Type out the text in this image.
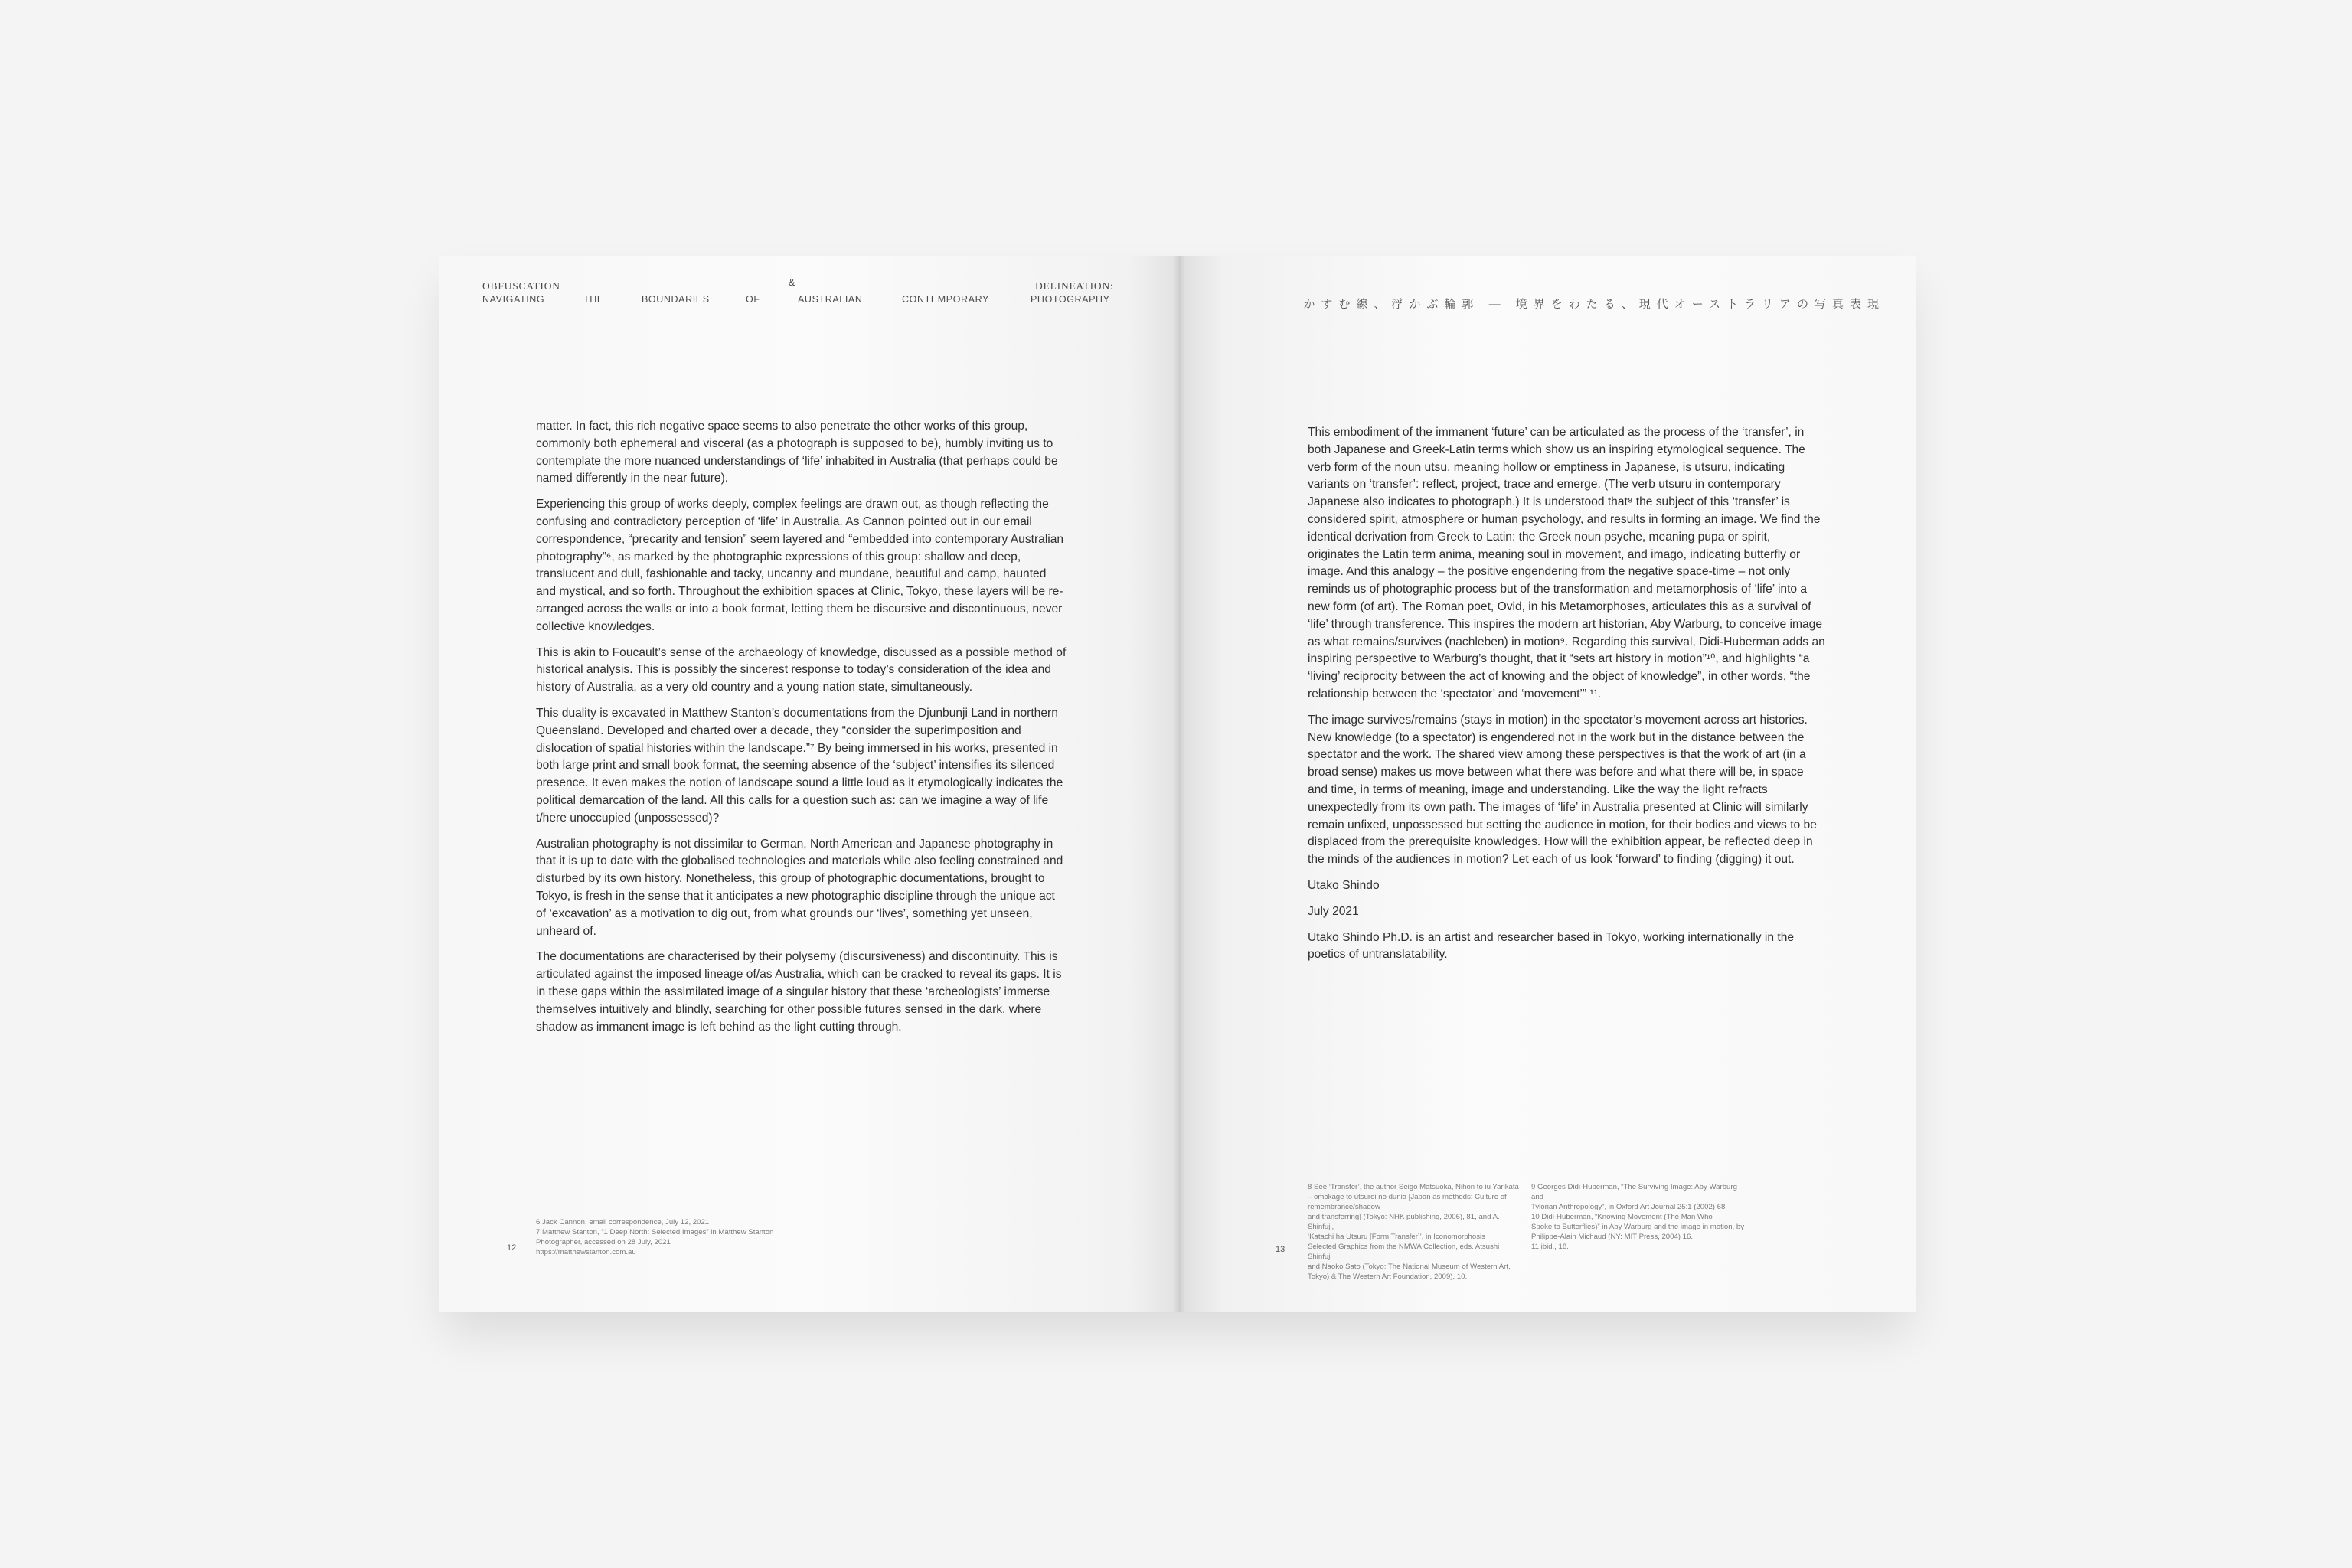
OBFUSCATION	&	DELINEATION:
NAVIGATING	THE	BOUNDARIES	OF	AUSTRALIAN	CONTEMPORARY	PHOTOGRAPHY

matter. In fact, this rich negative space seems to also penetrate the other works of this group, commonly both ephemeral and visceral (as a photograph is supposed to be), humbly inviting us to contemplate the more nuanced understandings of ‘life’ inhabited in Australia (that perhaps could be named differently in the near future).

Experiencing this group of works deeply, complex feelings are drawn out, as though reflecting the confusing and contradictory perception of ‘life’ in Australia. As Cannon pointed out in our email correspondence, “precarity and tension” seem layered and “embedded into contemporary Australian photography”⁶, as marked by the photographic expressions of this group: shallow and deep, translucent and dull, fashionable and tacky, uncanny and mundane, beautiful and camp, haunted and mystical, and so forth. Throughout the exhibition spaces at Clinic, Tokyo, these layers will be re-arranged across the walls or into a book format, letting them be discursive and discontinuous, never collective knowledges.

This is akin to Foucault’s sense of the archaeology of knowledge, discussed as a possible method of historical analysis. This is possibly the sincerest response to today’s consideration of the idea and history of Australia, as a very old country and a young nation state, simultaneously.

This duality is excavated in Matthew Stanton’s documentations from the Djunbunji Land in northern Queensland. Developed and charted over a decade, they “consider the superimposition and dislocation of spatial histories within the landscape.”⁷ By being immersed in his works, presented in both large print and small book format, the seeming absence of the ‘subject’ intensifies its silenced presence. It even makes the notion of landscape sound a little loud as it etymologically indicates the political demarcation of the land. All this calls for a question such as: can we imagine a way of life t/here unoccupied (unpossessed)?

Australian photography is not dissimilar to German, North American and Japanese photography in that it is up to date with the globalised technologies and materials while also feeling constrained and disturbed by its own history. Nonetheless, this group of photographic documentations, brought to Tokyo, is fresh in the sense that it anticipates a new photographic discipline through the unique act of ‘excavation’ as a motivation to dig out, from what grounds our ‘lives’, something yet unseen, unheard of.

The documentations are characterised by their polysemy (discursiveness) and discontinuity. This is articulated against the imposed lineage of/as Australia, which can be cracked to reveal its gaps. It is in these gaps within the assimilated image of a singular history that these ‘archeologists’ immerse themselves intuitively and blindly, searching for other possible futures sensed in the dark, where shadow as immanent image is left behind as the light cutting through.

6 Jack Cannon, email correspondence, July 12, 2021

7 Matthew Stanton, “1 Deep North: Selected Images” in Matthew Stanton

Photographer, accessed on 28 July, 2021

https://matthewstanton.com.au

12
かすむ線、浮かぶ輪郭 ― 境界をわたる、現代オーストラリアの写真表現

This embodiment of the immanent ‘future’ can be articulated as the process of the ‘transfer’, in both Japanese and Greek-Latin terms which show us an inspiring etymological sequence. The verb form of the noun utsu, meaning hollow or emptiness in Japanese, is utsuru, indicating variants on ‘transfer’: reflect, project, trace and emerge. (The verb utsuru in contemporary Japanese also indicates to photograph.) It is understood that⁸ the subject of this ‘transfer’ is considered spirit, atmosphere or human psychology, and results in forming an image. We find the identical derivation from Greek to Latin: the Greek noun psyche, meaning pupa or spirit, originates the Latin term anima, meaning soul in movement, and imago, indicating butterfly or image. And this analogy – the positive engendering from the negative space-time – not only reminds us of photographic process but of the transformation and metamorphosis of ‘life’ into a new form (of art). The Roman poet, Ovid, in his Metamorphoses, articulates this as a survival of ‘life’ through transference. This inspires the modern art historian, Aby Warburg, to conceive image as what remains/survives (nachleben) in motion⁹. Regarding this survival, Didi-Huberman adds an inspiring perspective to Warburg’s thought, that it “sets art history in motion”¹⁰, and highlights “a ‘living’ reciprocity between the act of knowing and the object of knowledge”, in other words, “the relationship between the ‘spectator’ and ‘movement’” ¹¹.

The image survives/remains (stays in motion) in the spectator’s movement across art histories. New knowledge (to a spectator) is engendered not in the work but in the distance between the spectator and the work. The shared view among these perspectives is that the work of art (in a broad sense) makes us move between what there was before and what there will be, in space and time, in terms of meaning, image and understanding. Like the way the light refracts unexpectedly from its own path. The images of ‘life’ in Australia presented at Clinic will similarly remain unfixed, unpossessed but setting the audience in motion, for their bodies and views to be displaced from the prerequisite knowledges. How will the exhibition appear, be reflected deep in the minds of the audiences in motion? Let each of us look ‘forward’ to finding (digging) it out.

Utako Shindo

July 2021

Utako Shindo Ph.D. is an artist and researcher based in Tokyo, working internationally in the poetics of untranslatability.

8 See ‘Transfer’, the author Seigo Matsuoka, Nihon to iu Yarikata

– omokage to utsuroi no dunia [Japan as methods: Culture of

remembrance/shadow

and transferring] (Tokyo: NHK publishing, 2006), 81, and A. Shinfuji,

‘Katachi ha Utsuru [Form Transfer]’, in Iconomorphosis

Selected Graphics from the NMWA Collection, eds. Atsushi Shinfuji

and Naoko Sato (Tokyo: The National Museum of Western Art,

Tokyo) & The Western Art Foundation, 2009), 10.

9 Georges Didi-Huberman, “The Surviving Image: Aby Warburg and

Tylorian Anthropology”, in Oxford Art Journal 25:1 (2002) 68.

10 Didi-Huberman, “Knowing Movement (The Man Who

Spoke to Butterflies)” in Aby Warburg and the image in motion, by

Philippe-Alain Michaud (NY: MIT Press, 2004) 16.

11 ibid., 18.

13
